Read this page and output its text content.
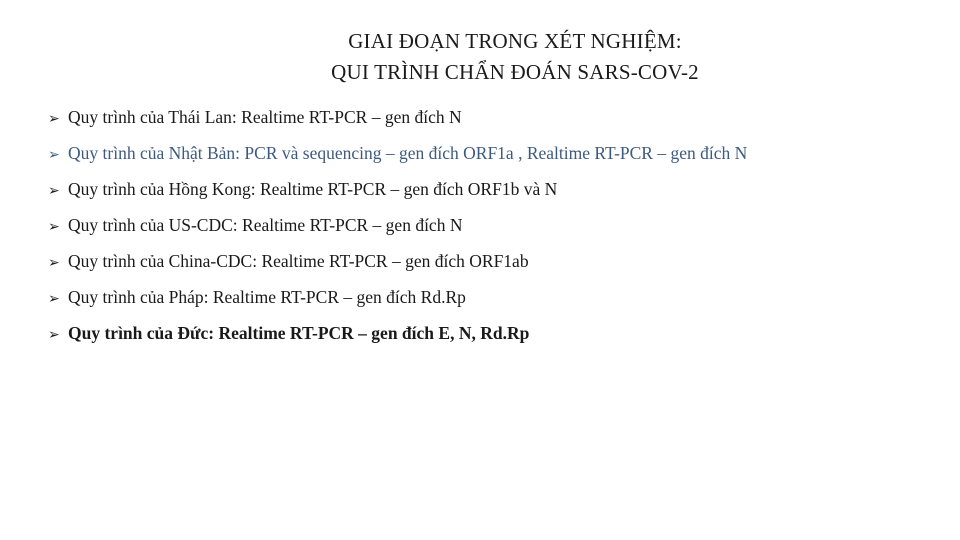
GIAI ĐOẠN TRONG XÉT NGHIỆM:
QUI TRÌNH CHẨN ĐOÁN SARS-COV-2
➢ Quy trình của Thái Lan: Realtime RT-PCR – gen đích N
➢ Quy trình của Nhật Bản: PCR và sequencing – gen đích ORF1a , Realtime RT-PCR – gen đích N
➢ Quy trình của Hồng Kong: Realtime RT-PCR – gen đích ORF1b và N
➢ Quy trình của US-CDC: Realtime RT-PCR – gen đích N
➢ Quy trình của China-CDC: Realtime RT-PCR – gen đích ORF1ab
➢ Quy trình của Pháp: Realtime RT-PCR – gen đích Rd.Rp
➢ Quy trình của Đức: Realtime RT-PCR – gen đích E, N, Rd.Rp
